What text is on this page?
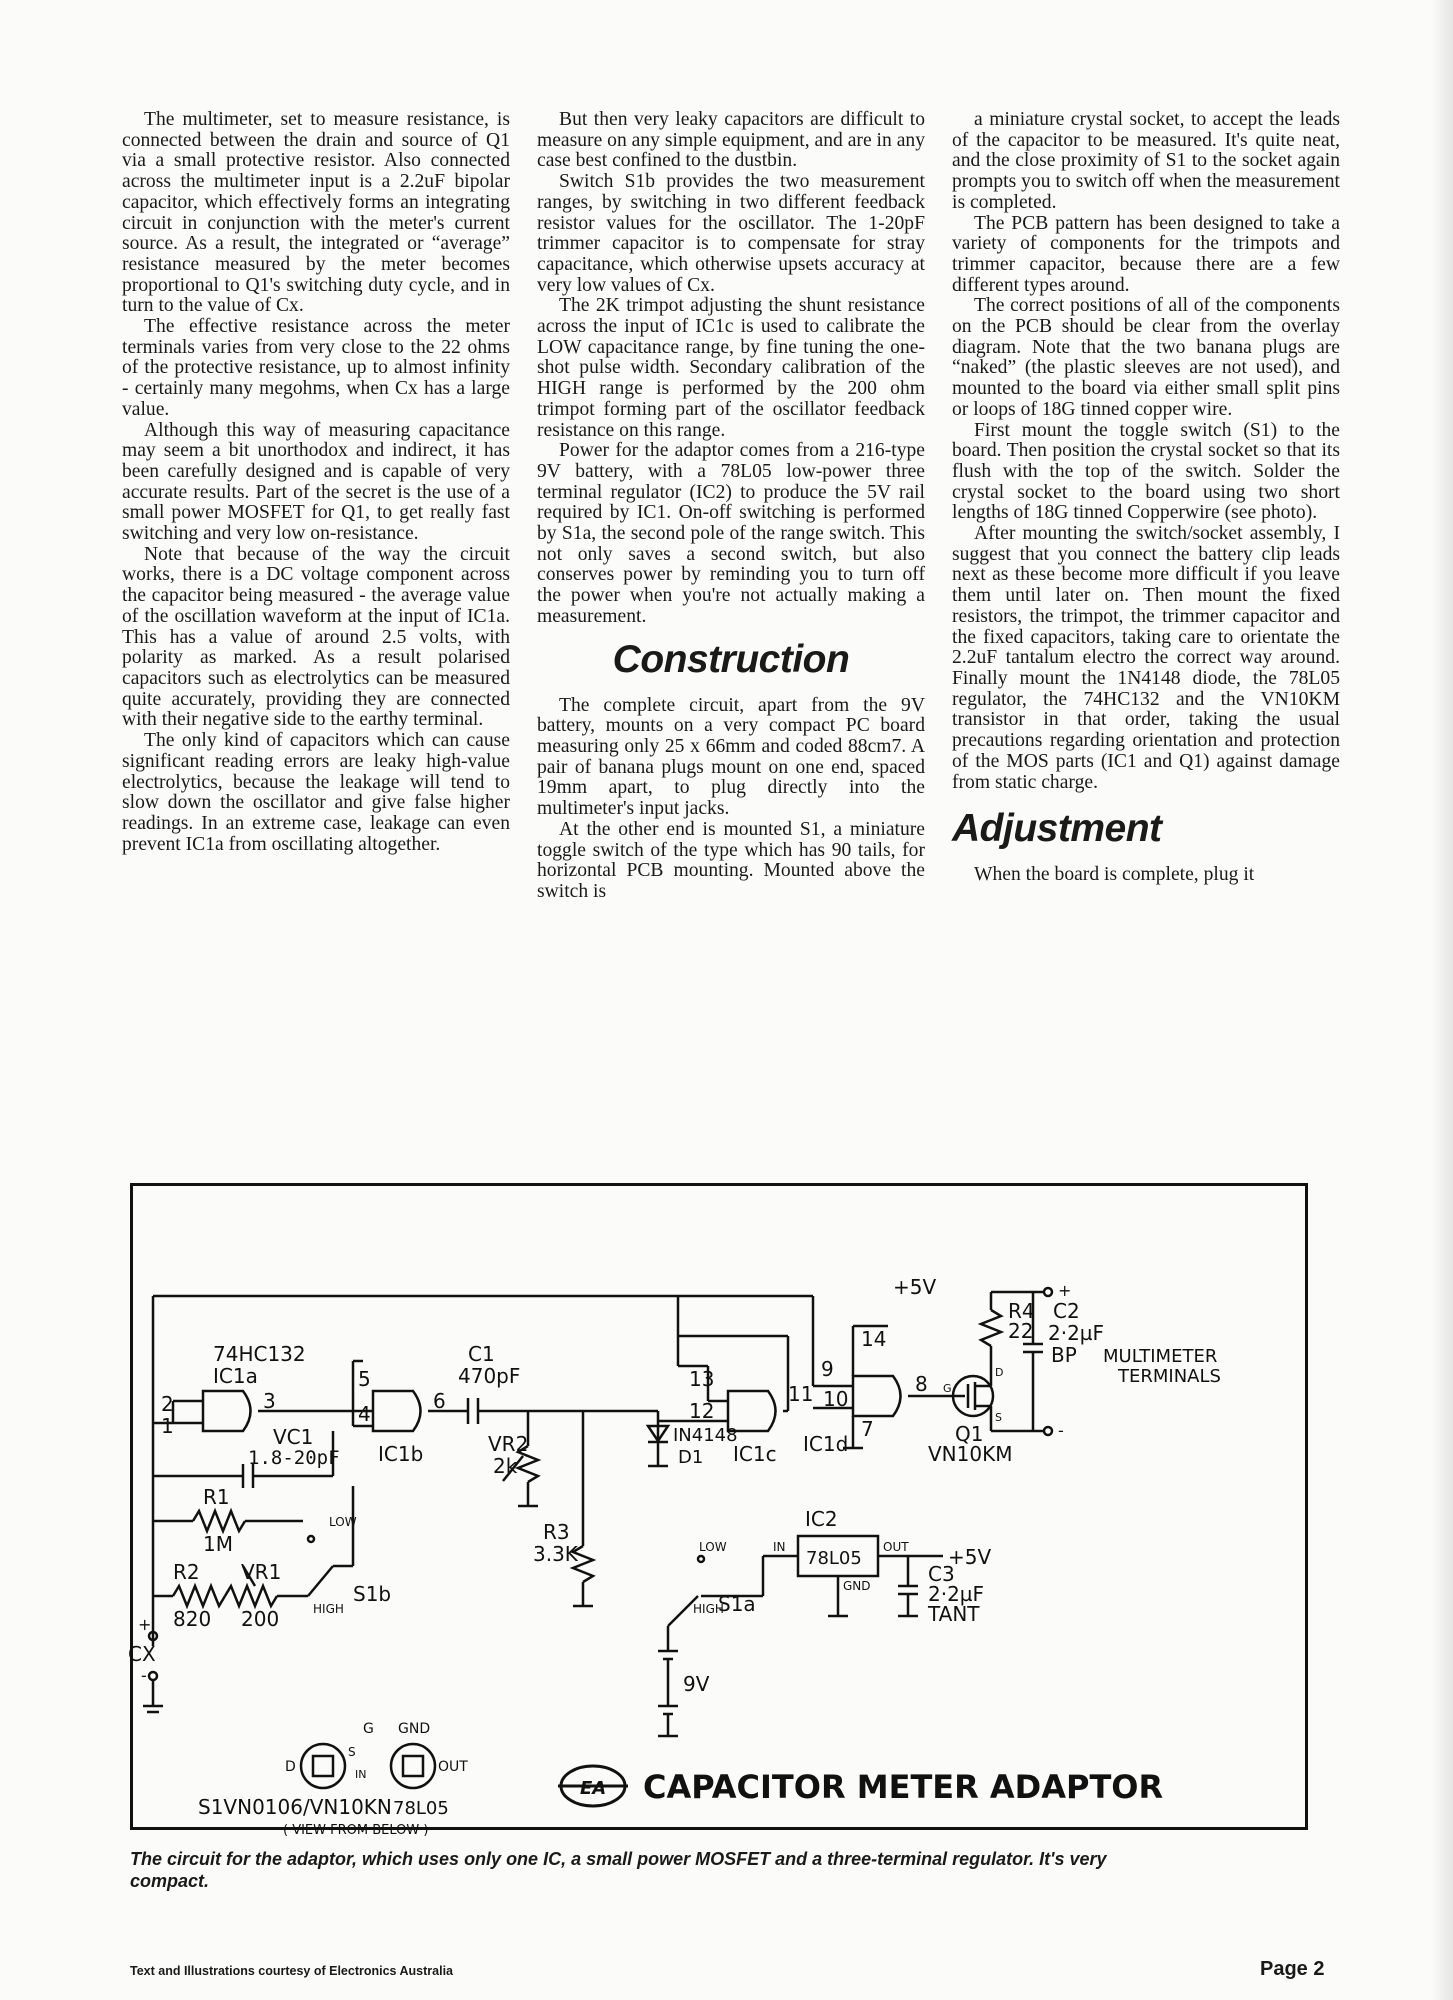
The multimeter, set to measure resistance, is connected between the drain and source of Q1 via a small protective resistor. Also connected across the multimeter input is a 2.2uF bipolar capacitor, which effectively forms an integrating circuit in conjunction with the meter's current source. As a result, the integrated or “average” resistance measured by the meter becomes proportional to Q1's switching duty cycle, and in turn to the value of Cx.

The effective resistance across the meter terminals varies from very close to the 22 ohms of the protective resistance, up to almost infinity - certainly many megohms, when Cx has a large value.

Although this way of measuring capacitance may seem a bit unorthodox and indirect, it has been carefully designed and is capable of very accurate results. Part of the secret is the use of a small power MOSFET for Q1, to get really fast switching and very low on-resistance.

Note that because of the way the circuit works, there is a DC voltage component across the capacitor being measured - the average value of the oscillation waveform at the input of IC1a. This has a value of around 2.5 volts, with polarity as marked. As a result polarised capacitors such as electrolytics can be measured quite accurately, providing they are connected with their negative side to the earthy terminal.

The only kind of capacitors which can cause significant reading errors are leaky high-value electrolytics, because the leakage will tend to slow down the oscillator and give false higher readings. In an extreme case, leakage can even prevent IC1a from oscillating altogether.

But then very leaky capacitors are difficult to measure on any simple equipment, and are in any case best confined to the dustbin.

Switch S1b provides the two measurement ranges, by switching in two different feedback resistor values for the oscillator. The 1-20pF trimmer capacitor is to compensate for stray capacitance, which otherwise upsets accuracy at very low values of Cx.

The 2K trimpot adjusting the shunt resistance across the input of IC1c is used to calibrate the LOW capacitance range, by fine tuning the one-shot pulse width. Secondary calibration of the HIGH range is performed by the 200 ohm trimpot forming part of the oscillator feedback resistance on this range.

Power for the adaptor comes from a 216-type 9V battery, with a 78L05 low-power three terminal regulator (IC2) to produce the 5V rail required by IC1. On-off switching is performed by S1a, the second pole of the range switch. This not only saves a second switch, but also conserves power by reminding you to turn off the power when you're not actually making a measurement.

Construction

The complete circuit, apart from the 9V battery, mounts on a very compact PC board measuring only 25 x 66mm and coded 88cm7. A pair of banana plugs mount on one end, spaced 19mm apart, to plug directly into the multimeter's input jacks.

At the other end is mounted S1, a miniature toggle switch of the type which has 90 tails, for horizontal PCB mounting. Mounted above the switch is

a miniature crystal socket, to accept the leads of the capacitor to be measured. It's quite neat, and the close proximity of S1 to the socket again prompts you to switch off when the measurement is completed.

The PCB pattern has been designed to take a variety of components for the trimpots and trimmer capacitor, because there are a few different types around.

The correct positions of all of the components on the PCB should be clear from the overlay diagram. Note that the two banana plugs are “naked” (the plastic sleeves are not used), and mounted to the board via either small split pins or loops of 18G tinned copper wire.

First mount the toggle switch (S1) to the board. Then position the crystal socket so that its flush with the top of the switch. Solder the crystal socket to the board using two short lengths of 18G tinned Copperwire (see photo).

After mounting the switch/socket assembly, I suggest that you connect the battery clip leads next as these become more difficult if you leave them until later on. Then mount the fixed resistors, the trimpot, the trimmer capacitor and the fixed capacitors, taking care to orientate the 2.2uF tantalum electro the correct way around. Finally mount the 1N4148 diode, the 78L05 regulator, the 74HC132 and the VN10KM transistor in that order, taking the usual precautions regarding orientation and protection of the MOS parts (IC1 and Q1) against damage from static charge.

Adjustment

When the board is complete, plug it

74HC132
IC1a
IC1b	IC1c IC1d
C1
470pF
VC1
1.8-20pF
R1
1M
R2
820
VR1
200
VR2
2k
R3
3.3K
IN4148
D1
R4
22
C2
2·2µF
BP MULTIMETER
TERMINALS
Q1
VN10KM
IC2
78L05
IN	OUT
GND	C3
2·2µF
TANT
9V
+5V
+5V
LOW
HIGH
LOW
HIGH
S1a
S1b
CX
+
-
+
-
2
1
3
5
4
6
13
12
11
9
10
14
7
8 G
D
S
G
D
S
GND
IN	OUT
S1VN0106/VN10KN 78L05
( VIEW FROM BELOW )
EA CAPACITOR METER ADAPTOR
The circuit for the adaptor, which uses only one IC, a small power MOSFET and a three-terminal regulator. It's very compact.
Text and Illustrations courtesy of Electronics Australia	Page 2
